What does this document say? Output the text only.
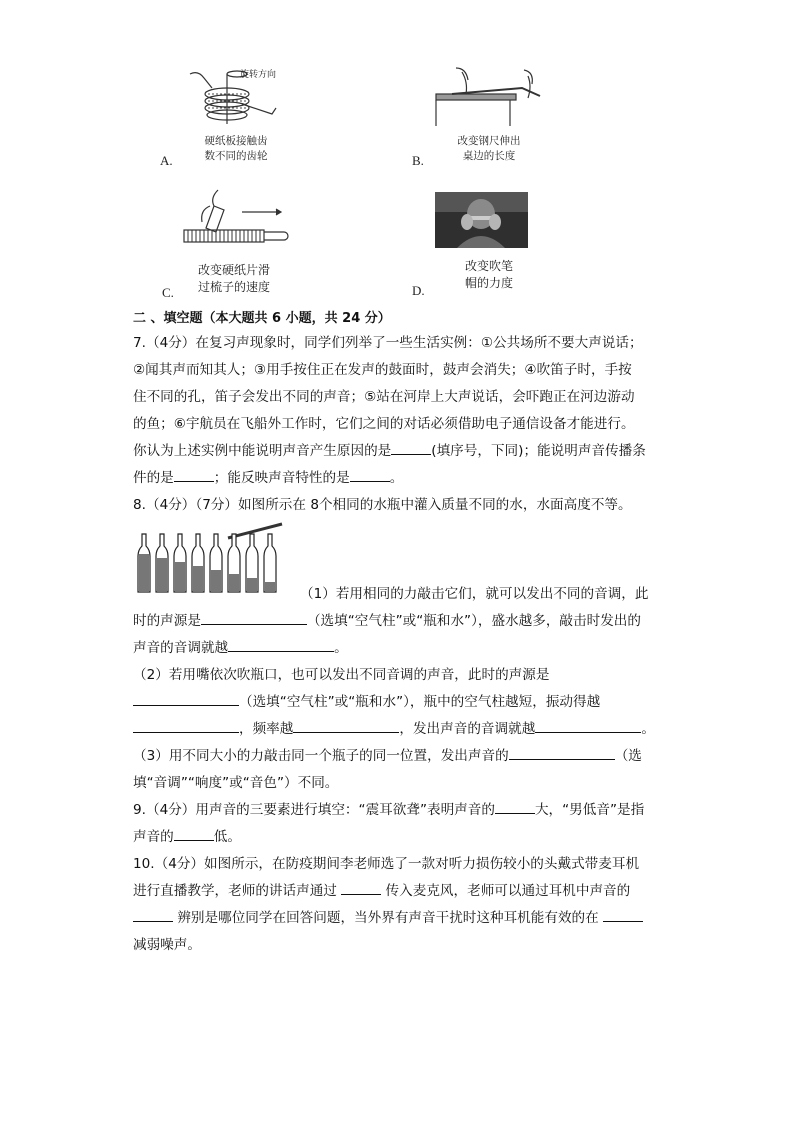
旋转方向
硬纸板接触齿
数不同的齿轮
A.
改变钢尺伸出
桌边的长度
B.
改变硬纸片滑
过梳子的速度
C.
改变吹笔
帽的力度
D.
二 、填空题（本大题共 6 小题，共 24 分）
7.（4分）在复习声现象时，同学们列举了一些生活实例：①公共场所不要大声说话；
②闻其声而知其人；③用手按住正在发声的鼓面时，鼓声会消失；④吹笛子时，手按
住不同的孔，笛子会发出不同的声音；⑤站在河岸上大声说话，会吓跑正在河边游动
的鱼；⑥宇航员在飞船外工作时，它们之间的对话必须借助电子通信设备才能进行。
你认为上述实例中能说明声音产生原因的是	(填序号，下同)；能说明声音传播条
件的是	；能反映声音特性的是	。
8.（4分）（7分）如图所示在 8个相同的水瓶中灌入质量不同的水，水面高度不等。
（1）若用相同的力敲击它们，就可以发出不同的音调，此
时的声源是	（选填“空气柱”或“瓶和水”），盛水越多，敲击时发出的
声音的音调就越	。
（2）若用嘴依次吹瓶口，也可以发出不同音调的声音，此时的声源是
（选填“空气柱”或“瓶和水”），瓶中的空气柱越短，振动得越
，频率越	，发出声音的音调就越	。
（3）用不同大小的力敲击同一个瓶子的同一位置，发出声音的	（选
填“音调”“响度”或“音色”）不同。
9.（4分）用声音的三要素进行填空：“震耳欲聋”表明声音的	大，“男低音”是指
声音的	低。
10.（4分）如图所示，在防疫期间李老师选了一款对听力损伤较小的头戴式带麦耳机
进行直播教学，老师的讲话声通过	传入麦克风，老师可以通过耳机中声音的
辨别是哪位同学在回答问题，当外界有声音干扰时这种耳机能有效的在
减弱噪声。
